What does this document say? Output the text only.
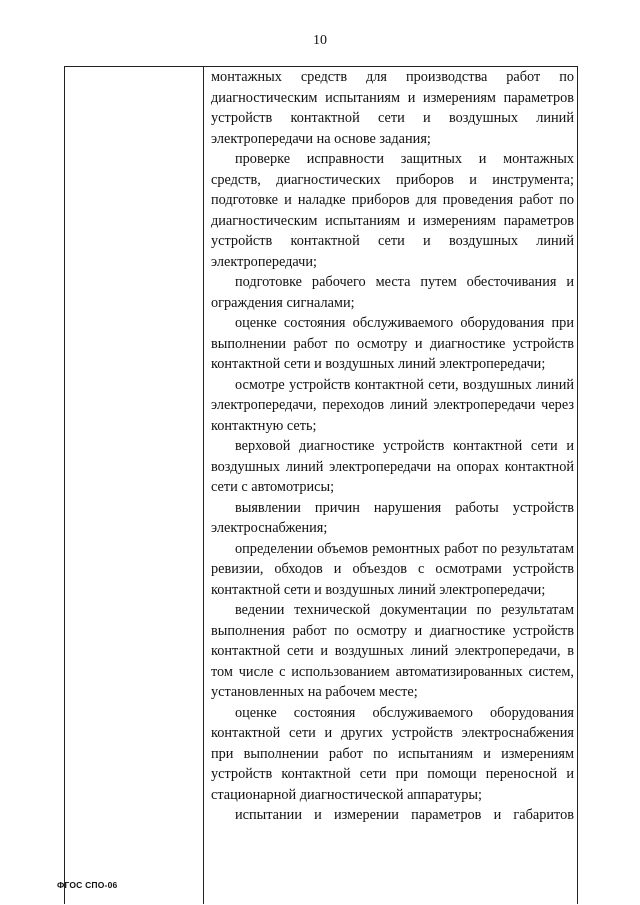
10

монтажных средств для производства работ по диагностическим испытаниям и измерениям параметров устройств контактной сети и воздушных линий электропередачи на основе задания;

проверке исправности защитных и монтажных средств, диагностических приборов и инструмента; подготовке и наладке приборов для проведения работ по диагностическим испытаниям и измерениям параметров устройств контактной сети и воздушных линий электропередачи;

подготовке рабочего места путем обесточивания и ограждения сигналами;

оценке состояния обслуживаемого оборудования при выполнении работ по осмотру и диагностике устройств контактной сети и воздушных линий электропередачи;

осмотре устройств контактной сети, воздушных линий электропередачи, переходов линий электропередачи через контактную сеть;

верховой диагностике устройств контактной сети и воздушных линий электропередачи на опорах контактной сети с автомотрисы;

выявлении причин нарушения работы устройств электроснабжения;

определении объемов ремонтных работ по результатам ревизии, обходов и объездов с осмотрами устройств контактной сети и воздушных линий электропередачи;

ведении технической документации по результатам выполнения работ по осмотру и диагностике устройств контактной сети и воздушных линий электропередачи, в том числе с использованием автоматизированных систем, установленных на рабочем месте;

оценке состояния обслуживаемого оборудования контактной сети и других устройств электроснабжения при выполнении работ по испытаниям и измерениям устройств контактной сети при помощи переносной и стационарной диагностической аппаратуры;

испытании и измерении параметров и габаритов

ФГОС СПО-06
